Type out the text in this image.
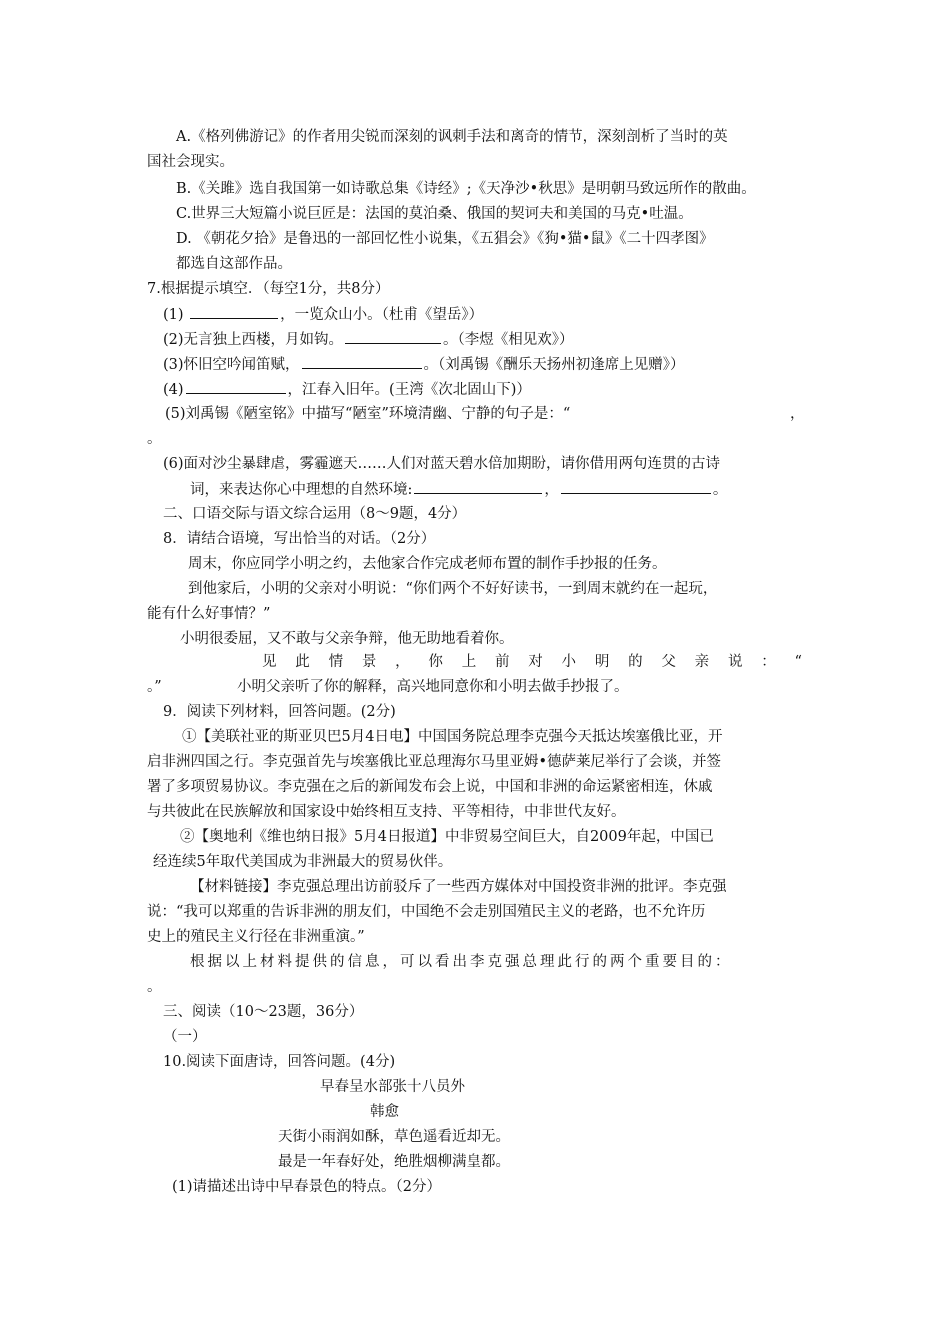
A.《格列佛游记》的作者用尖锐而深刻的讽刺手法和离奇的情节，深刻剖析了当时的英
国社会现实。
B.《关雎》选自我国第一如诗歌总集《诗经》;《天净沙•秋思》是明朝马致远所作的散曲。
C.世界三大短篇小说巨匠是：法国的莫泊桑、俄国的契诃夫和美国的马克•吐温。
D. 《朝花夕拾》是鲁迅的一部回忆性小说集，《五猖会》《狗•猫•鼠》《二十四孝图》
都选自这部作品。
7.根据提示填空．（每空1分，共8分）
(1)	，一览众山小。（杜甫《望岳》）
(2)无言独上西楼，月如钩。	。（李煜《相见欢》）
(3)怀旧空吟闻笛赋，	。（刘禹锡《酬乐天扬州初逢席上见赠》）
(4)	，江春入旧年。(王湾《次北固山下)）
(5)刘禹锡《陋室铭》中描写“陋室”环境清幽、宁静的句子是：“	，
。
(6)面对沙尘暴肆虐，雾霾遮天……人们对蓝天碧水倍加期盼，请你借用两句连贯的古诗
词，来表达你心中理想的自然环境:	，	。
二、口语交际与语文综合运用（8～9题，4分）
8．请结合语境，写出恰当的对话。（2分）
周末，你应同学小明之约，去他家合作完成老师布置的制作手抄报的任务。
到他家后，小明的父亲对小明说：“你们两个不好好读书，一到周末就约在一起玩，
能有什么好事情？”
小明很委屈，又不敢与父亲争辩，他无助地看着你。
见 此 情 景 ， 你 上 前 对 小 明 的 父 亲 说 ： “
。”	小明父亲听了你的解释，高兴地同意你和小明去做手抄报了。
9．阅读下列材料，回答问题。(2分)
①【美联社亚的斯亚贝巴5月4日电】中国国务院总理李克强今天抵达埃塞俄比亚，开
启非洲四国之行。李克强首先与埃塞俄比亚总理海尔马里亚姆•德萨莱尼举行了会谈，并签
署了多项贸易协议。李克强在之后的新闻发布会上说，中国和非洲的命运紧密相连，休戚
与共彼此在民族解放和国家设中始终相互支持、平等相待，中非世代友好。
②【奥地利《维也纳日报》5月4日报道】中非贸易空间巨大，自2009年起，中国已
经连续5年取代美国成为非洲最大的贸易伙伴。
【材料链接】李克强总理出访前驳斥了一些西方媒体对中国投资非洲的批评。李克强
说：“我可以郑重的告诉非洲的朋友们，中国绝不会走别国殖民主义的老路，也不允许历
史上的殖民主义行径在非洲重演。”
根据以上材料提供的信息，可以看出李克强总理此行的两个重要目的：
。
三、阅读（10～23题，36分）
（一）
10.阅读下面唐诗，回答问题。(4分)
早春呈水部张十八员外
韩愈
天街小雨润如酥，草色遥看近却无。
最是一年春好处，绝胜烟柳满皇都。
(1)请描述出诗中早春景色的特点。（2分）
